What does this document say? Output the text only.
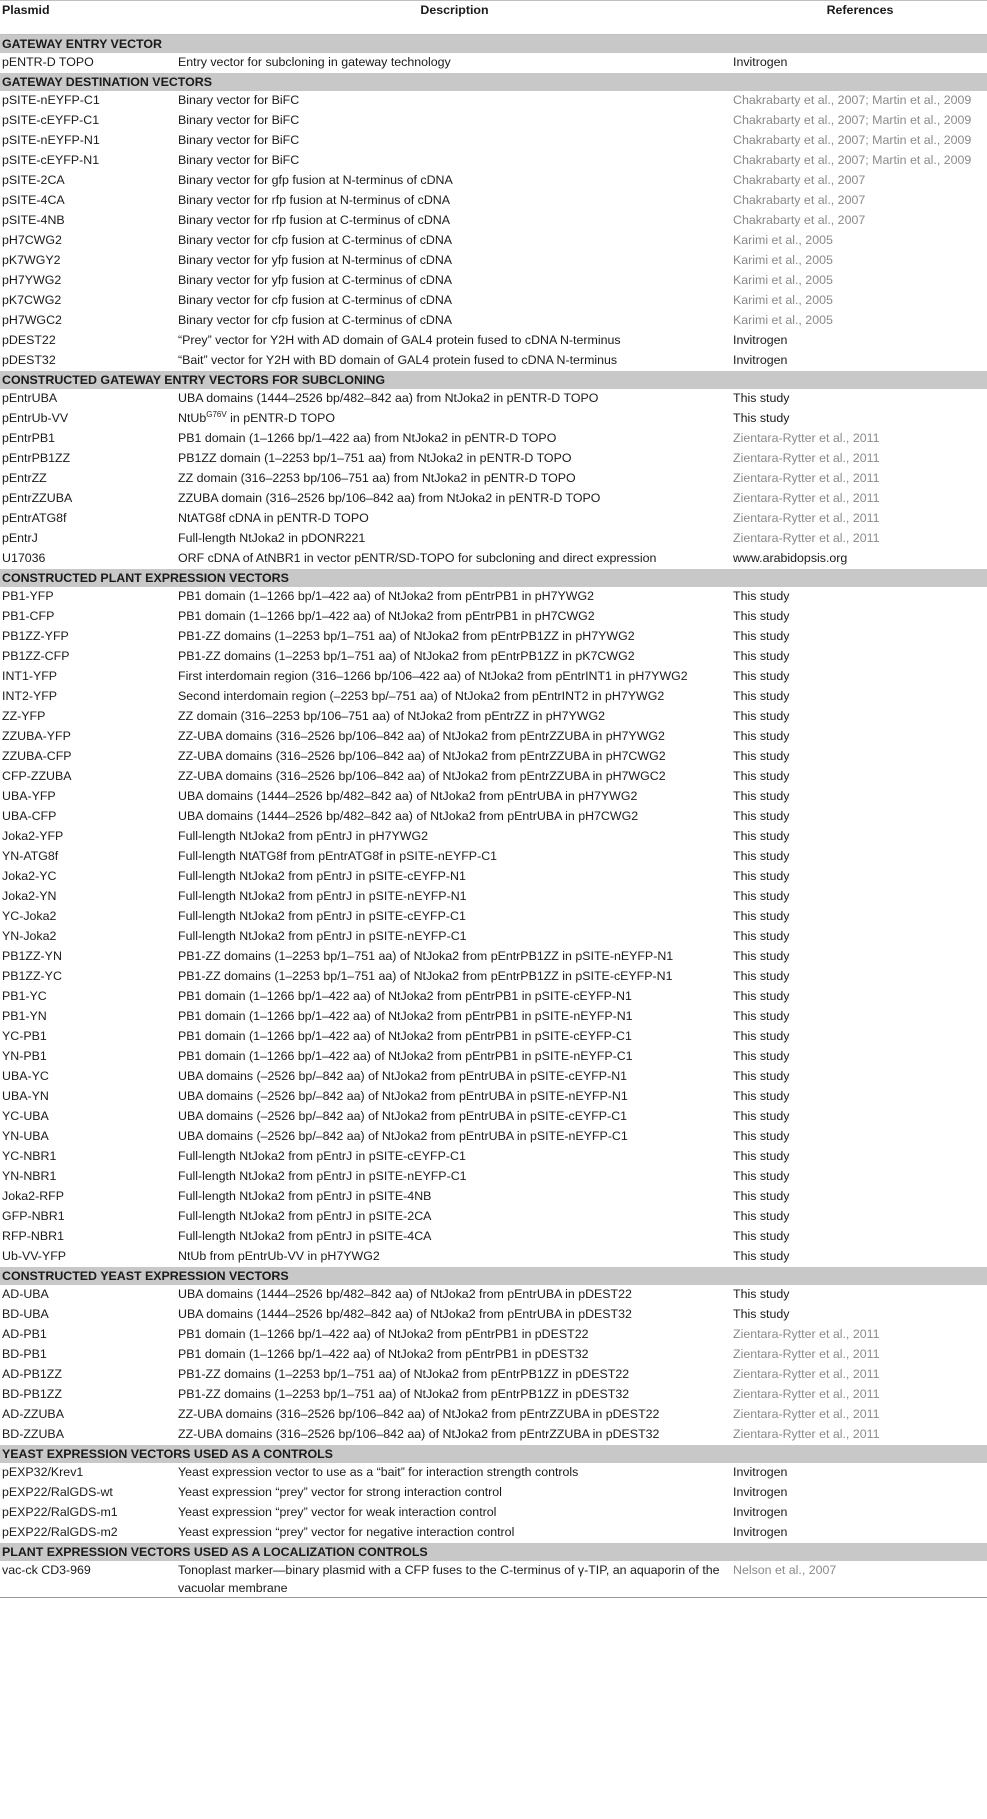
Plasmid	Description	References
GATEWAY ENTRY VECTOR		
pENTR-D TOPO	Entry vector for subcloning in gateway technology	Invitrogen
GATEWAY DESTINATION VECTORS		
pSITE-nEYFP-C1	Binary vector for BiFC	Chakrabarty et al., 2007; Martin et al., 2009
pSITE-cEYFP-C1	Binary vector for BiFC	Chakrabarty et al., 2007; Martin et al., 2009
pSITE-nEYFP-N1	Binary vector for BiFC	Chakrabarty et al., 2007; Martin et al., 2009
pSITE-cEYFP-N1	Binary vector for BiFC	Chakrabarty et al., 2007; Martin et al., 2009
pSITE-2CA	Binary vector for gfp fusion at N-terminus of cDNA	Chakrabarty et al., 2007
pSITE-4CA	Binary vector for rfp fusion at N-terminus of cDNA	Chakrabarty et al., 2007
pSITE-4NB	Binary vector for rfp fusion at C-terminus of cDNA	Chakrabarty et al., 2007
pH7CWG2	Binary vector for cfp fusion at C-terminus of cDNA	Karimi et al., 2005
pK7WGY2	Binary vector for yfp fusion at N-terminus of cDNA	Karimi et al., 2005
pH7YWG2	Binary vector for yfp fusion at C-terminus of cDNA	Karimi et al., 2005
pK7CWG2	Binary vector for cfp fusion at C-terminus of cDNA	Karimi et al., 2005
pH7WGC2	Binary vector for cfp fusion at C-terminus of cDNA	Karimi et al., 2005
pDEST22	“Prey” vector for Y2H with AD domain of GAL4 protein fused to cDNA N-terminus	Invitrogen
pDEST32	“Bait” vector for Y2H with BD domain of GAL4 protein fused to cDNA N-terminus	Invitrogen
CONSTRUCTED GATEWAY ENTRY VECTORS FOR SUBCLONING		
pEntrUBA	UBA domains (1444–2526 bp/482–842 aa) from NtJoka2 in pENTR-D TOPO	This study
pEntrUb-VV	NtUb$^{G76V}$ in pENTR-D TOPO	This study
pEntrPB1	PB1 domain (1–1266 bp/1–422 aa) from NtJoka2 in pENTR-D TOPO	Zientara-Rytter et al., 2011
pEntrPB1ZZ	PB1ZZ domain (1–2253 bp/1–751 aa) from NtJoka2 in pENTR-D TOPO	Zientara-Rytter et al., 2011
pEntrZZ	ZZ domain (316–2253 bp/106–751 aa) from NtJoka2 in pENTR-D TOPO	Zientara-Rytter et al., 2011
pEntrZZUBA	ZZUBA domain (316–2526 bp/106–842 aa) from NtJoka2 in pENTR-D TOPO	Zientara-Rytter et al., 2011
pEntrATG8f	NtATG8f cDNA in pENTR-D TOPO	Zientara-Rytter et al., 2011
pEntrJ	Full-length NtJoka2 in pDONR221	Zientara-Rytter et al., 2011
U17036	ORF cDNA of AtNBR1 in vector pENTR/SD-TOPO for subcloning and direct expression	www.arabidopsis.org
CONSTRUCTED PLANT EXPRESSION VECTORS		
PB1-YFP	PB1 domain (1–1266 bp/1–422 aa) of NtJoka2 from pEntrPB1 in pH7YWG2	This study
PB1-CFP	PB1 domain (1–1266 bp/1–422 aa) of NtJoka2 from pEntrPB1 in pH7CWG2	This study
PB1ZZ-YFP	PB1-ZZ domains (1–2253 bp/1–751 aa) of NtJoka2 from pEntrPB1ZZ in pH7YWG2	This study
PB1ZZ-CFP	PB1-ZZ domains (1–2253 bp/1–751 aa) of NtJoka2 from pEntrPB1ZZ in pK7CWG2	This study
INT1-YFP	First interdomain region (316–1266 bp/106–422 aa) of NtJoka2 from pEntrINT1 in pH7YWG2	This study
INT2-YFP	Second interdomain region (–2253 bp/–751 aa) of NtJoka2 from pEntrINT2 in pH7YWG2	This study
ZZ-YFP	ZZ domain (316–2253 bp/106–751 aa) of NtJoka2 from pEntrZZ in pH7YWG2	This study
ZZUBA-YFP	ZZ-UBA domains (316–2526 bp/106–842 aa) of NtJoka2 from pEntrZZUBA in pH7YWG2	This study
ZZUBA-CFP	ZZ-UBA domains (316–2526 bp/106–842 aa) of NtJoka2 from pEntrZZUBA in pH7CWG2	This study
CFP-ZZUBA	ZZ-UBA domains (316–2526 bp/106–842 aa) of NtJoka2 from pEntrZZUBA in pH7WGC2	This study
UBA-YFP	UBA domains (1444–2526 bp/482–842 aa) of NtJoka2 from pEntrUBA in pH7YWG2	This study
UBA-CFP	UBA domains (1444–2526 bp/482–842 aa) of NtJoka2 from pEntrUBA in pH7CWG2	This study
Joka2-YFP	Full-length NtJoka2 from pEntrJ in pH7YWG2	This study
YN-ATG8f	Full-length NtATG8f from pEntrATG8f in pSITE-nEYFP-C1	This study
Joka2-YC	Full-length NtJoka2 from pEntrJ in pSITE-cEYFP-N1	This study
Joka2-YN	Full-length NtJoka2 from pEntrJ in pSITE-nEYFP-N1	This study
YC-Joka2	Full-length NtJoka2 from pEntrJ in pSITE-cEYFP-C1	This study
YN-Joka2	Full-length NtJoka2 from pEntrJ in pSITE-nEYFP-C1	This study
PB1ZZ-YN	PB1-ZZ domains (1–2253 bp/1–751 aa) of NtJoka2 from pEntrPB1ZZ in pSITE-nEYFP-N1	This study
PB1ZZ-YC	PB1-ZZ domains (1–2253 bp/1–751 aa) of NtJoka2 from pEntrPB1ZZ in pSITE-cEYFP-N1	This study
PB1-YC	PB1 domain (1–1266 bp/1–422 aa) of NtJoka2 from pEntrPB1 in pSITE-cEYFP-N1	This study
PB1-YN	PB1 domain (1–1266 bp/1–422 aa) of NtJoka2 from pEntrPB1 in pSITE-nEYFP-N1	This study
YC-PB1	PB1 domain (1–1266 bp/1–422 aa) of NtJoka2 from pEntrPB1 in pSITE-cEYFP-C1	This study
YN-PB1	PB1 domain (1–1266 bp/1–422 aa) of NtJoka2 from pEntrPB1 in pSITE-nEYFP-C1	This study
UBA-YC	UBA domains (–2526 bp/–842 aa) of NtJoka2 from pEntrUBA in pSITE-cEYFP-N1	This study
UBA-YN	UBA domains (–2526 bp/–842 aa) of NtJoka2 from pEntrUBA in pSITE-nEYFP-N1	This study
YC-UBA	UBA domains (–2526 bp/–842 aa) of NtJoka2 from pEntrUBA in pSITE-cEYFP-C1	This study
YN-UBA	UBA domains (–2526 bp/–842 aa) of NtJoka2 from pEntrUBA in pSITE-nEYFP-C1	This study
YC-NBR1	Full-length NtJoka2 from pEntrJ in pSITE-cEYFP-C1	This study
YN-NBR1	Full-length NtJoka2 from pEntrJ in pSITE-nEYFP-C1	This study
Joka2-RFP	Full-length NtJoka2 from pEntrJ in pSITE-4NB	This study
GFP-NBR1	Full-length NtJoka2 from pEntrJ in pSITE-2CA	This study
RFP-NBR1	Full-length NtJoka2 from pEntrJ in pSITE-4CA	This study
Ub-VV-YFP	NtUb from pEntrUb-VV in pH7YWG2	This study
CONSTRUCTED YEAST EXPRESSION VECTORS		
AD-UBA	UBA domains (1444–2526 bp/482–842 aa) of NtJoka2 from pEntrUBA in pDEST22	This study
BD-UBA	UBA domains (1444–2526 bp/482–842 aa) of NtJoka2 from pEntrUBA in pDEST32	This study
AD-PB1	PB1 domain (1–1266 bp/1–422 aa) of NtJoka2 from pEntrPB1 in pDEST22	Zientara-Rytter et al., 2011
BD-PB1	PB1 domain (1–1266 bp/1–422 aa) of NtJoka2 from pEntrPB1 in pDEST32	Zientara-Rytter et al., 2011
AD-PB1ZZ	PB1-ZZ domains (1–2253 bp/1–751 aa) of NtJoka2 from pEntrPB1ZZ in pDEST22	Zientara-Rytter et al., 2011
BD-PB1ZZ	PB1-ZZ domains (1–2253 bp/1–751 aa) of NtJoka2 from pEntrPB1ZZ in pDEST32	Zientara-Rytter et al., 2011
AD-ZZUBA	ZZ-UBA domains (316–2526 bp/106–842 aa) of NtJoka2 from pEntrZZUBA in pDEST22	Zientara-Rytter et al., 2011
BD-ZZUBA	ZZ-UBA domains (316–2526 bp/106–842 aa) of NtJoka2 from pEntrZZUBA in pDEST32	Zientara-Rytter et al., 2011
YEAST EXPRESSION VECTORS USED AS A CONTROLS		
pEXP32/Krev1	Yeast expression vector to use as a “bait” for interaction strength controls	Invitrogen
pEXP22/RalGDS-wt	Yeast expression “prey” vector for strong interaction control	Invitrogen
pEXP22/RalGDS-m1	Yeast expression “prey” vector for weak interaction control	Invitrogen
pEXP22/RalGDS-m2	Yeast expression “prey” vector for negative interaction control	Invitrogen
PLANT EXPRESSION VECTORS USED AS A LOCALIZATION CONTROLS		
vac-ck CD3-969	Tonoplast marker—binary plasmid with a CFP fuses to the C-terminus of γ-TIP, an aquaporin of the vacuolar membrane	Nelson et al., 2007
